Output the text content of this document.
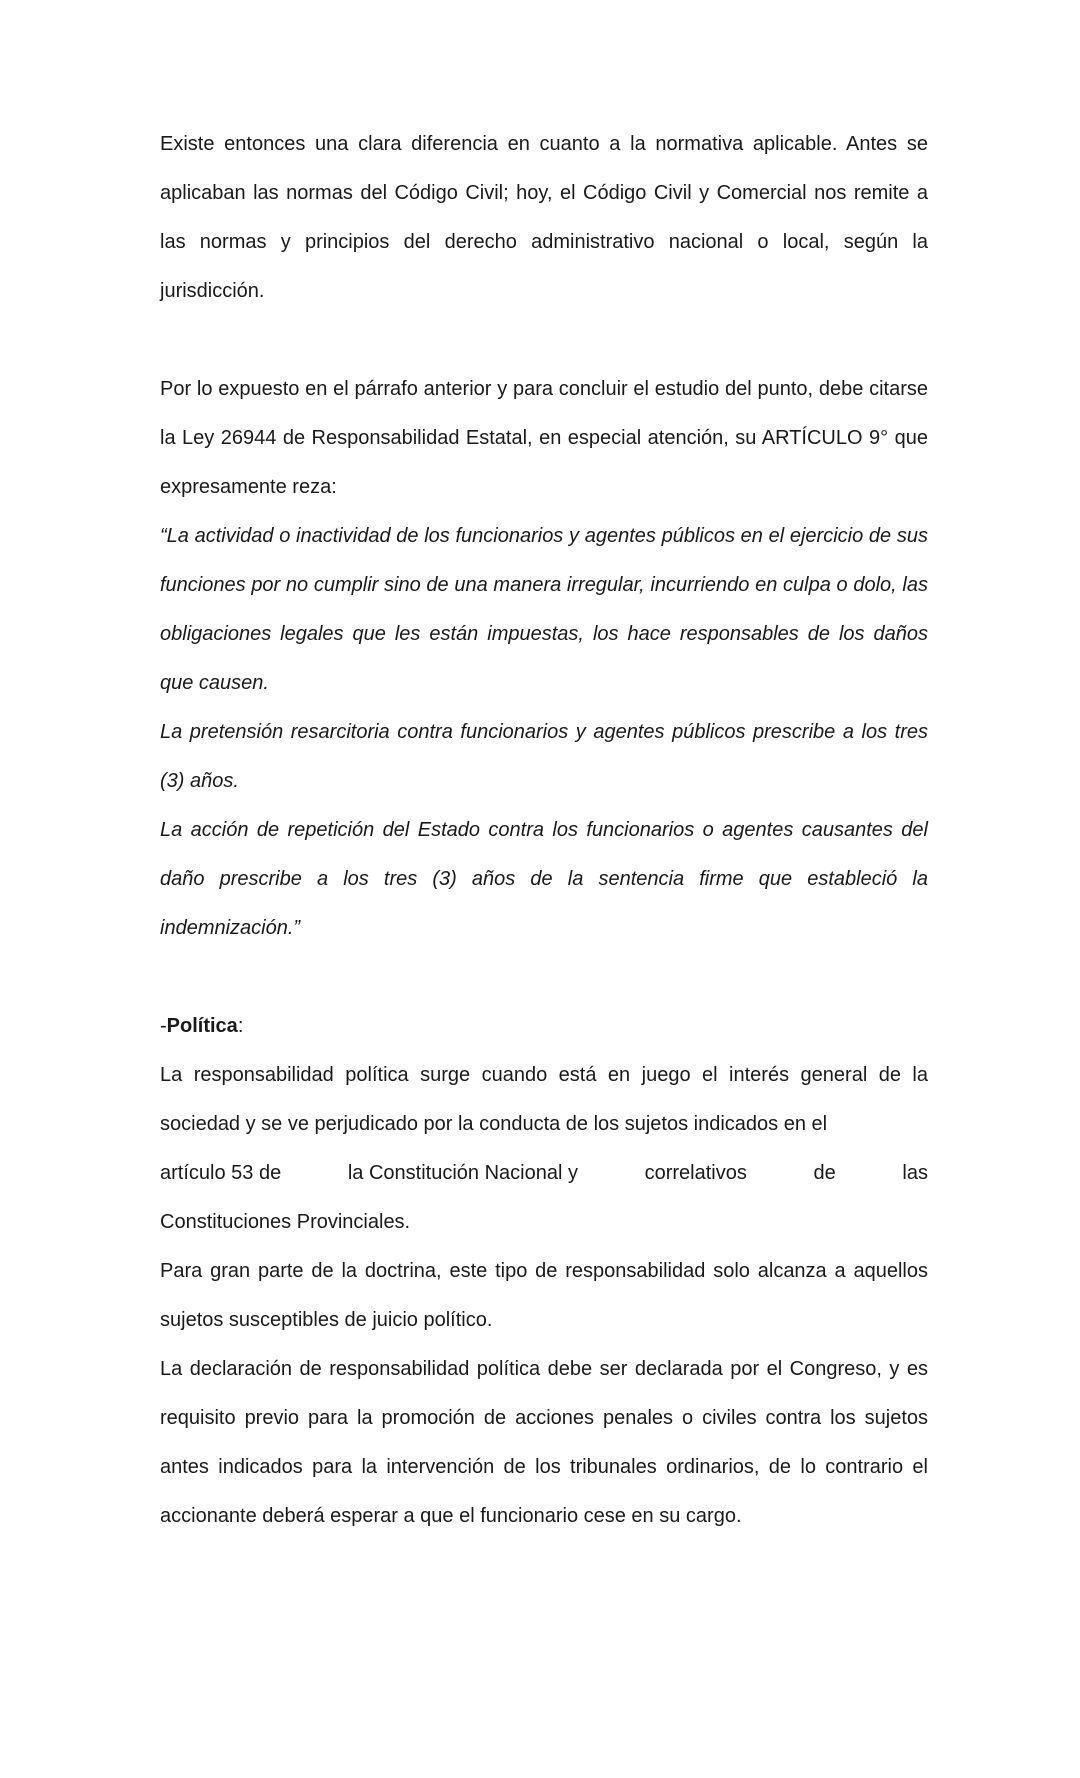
Existe entonces una clara diferencia en cuanto a la normativa aplicable. Antes se aplicaban las normas del Código Civil; hoy, el Código Civil y Comercial nos remite a las normas y principios del derecho administrativo nacional o local, según la jurisdicción.

Por lo expuesto en el párrafo anterior y para concluir el estudio del punto, debe citarse la Ley 26944 de Responsabilidad Estatal, en especial atención, su ARTÍCULO 9° que expresamente reza:

“La actividad o inactividad de los funcionarios y agentes públicos en el ejercicio de sus funciones por no cumplir sino de una manera irregular, incurriendo en culpa o dolo, las obligaciones legales que les están impuestas, los hace responsables de los daños que causen.

La pretensión resarcitoria contra funcionarios y agentes públicos prescribe a los tres (3) años.

La acción de repetición del Estado contra los funcionarios o agentes causantes del daño prescribe a los tres (3) años de la sentencia firme que estableció la indemnización.”

-Política:

La responsabilidad política surge cuando está en juego el interés general de la sociedad y se ve perjudicado por la conducta de los sujetos indicados en el

artículo 53 de	la Constitución Nacional y	correlativos	de	las

Constituciones Provinciales.

Para gran parte de la doctrina, este tipo de responsabilidad solo alcanza a aquellos sujetos susceptibles de juicio político.

La declaración de responsabilidad política debe ser declarada por el Congreso, y es requisito previo para la promoción de acciones penales o civiles contra los sujetos antes indicados para la intervención de los tribunales ordinarios, de lo contrario el accionante deberá esperar a que el funcionario cese en su cargo.
